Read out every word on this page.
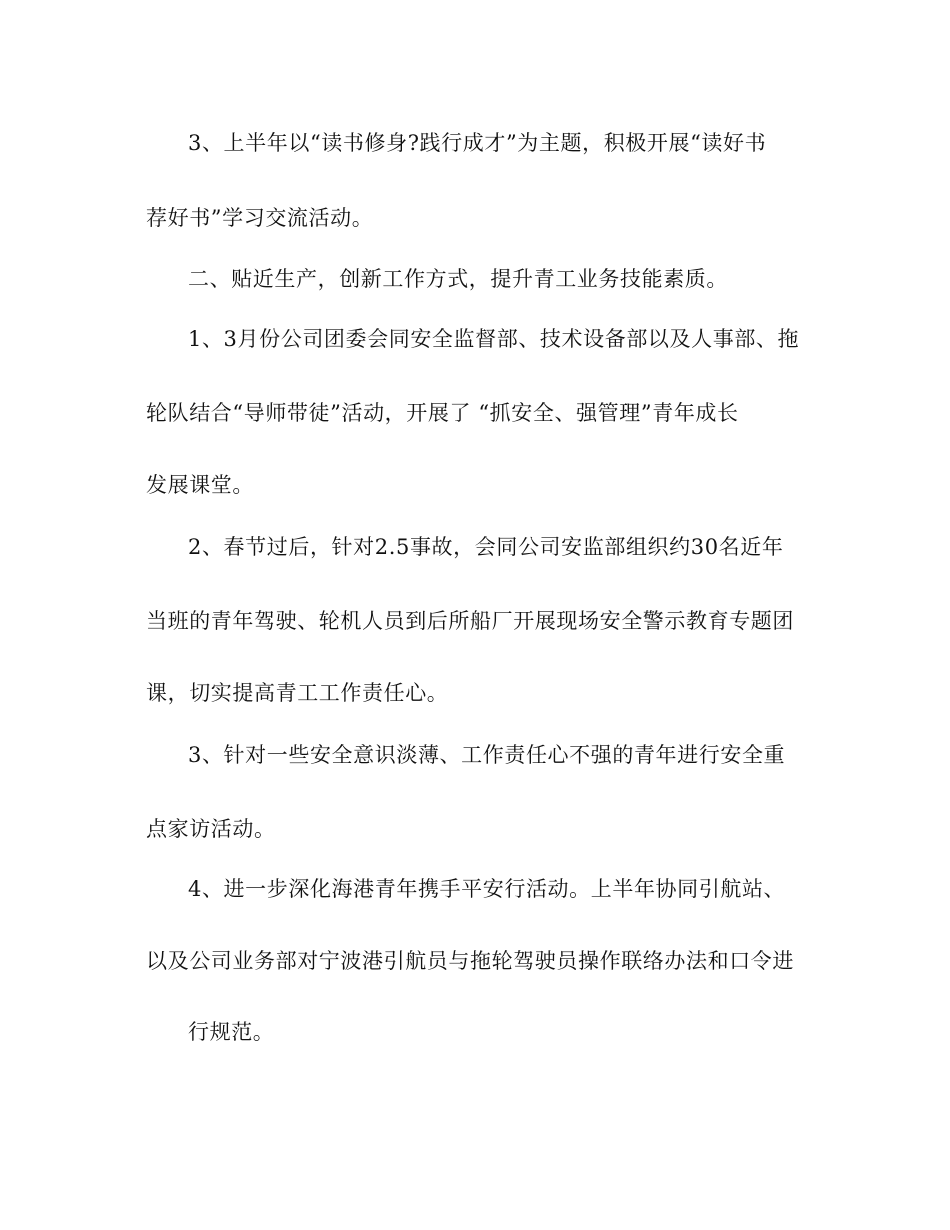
3、上半年以“读书修身?践行成才”为主题，积极开展“读好书
荐好书”学习交流活动。
二、贴近生产，创新工作方式，提升青工业务技能素质。
1、3月份公司团委会同安全监督部、技术设备部以及人事部、拖
轮队结合“导师带徒”活动，开展了 “抓安全、强管理”青年成长
发展课堂。
2、春节过后，针对2.5事故，会同公司安监部组织约30名近年
当班的青年驾驶、轮机人员到后所船厂开展现场安全警示教育专题团
课，切实提高青工工作责任心。
3、针对一些安全意识淡薄、工作责任心不强的青年进行安全重
点家访活动。
4、进一步深化海港青年携手平安行活动。上半年协同引航站、
以及公司业务部对宁波港引航员与拖轮驾驶员操作联络办法和口令进
行规范。
